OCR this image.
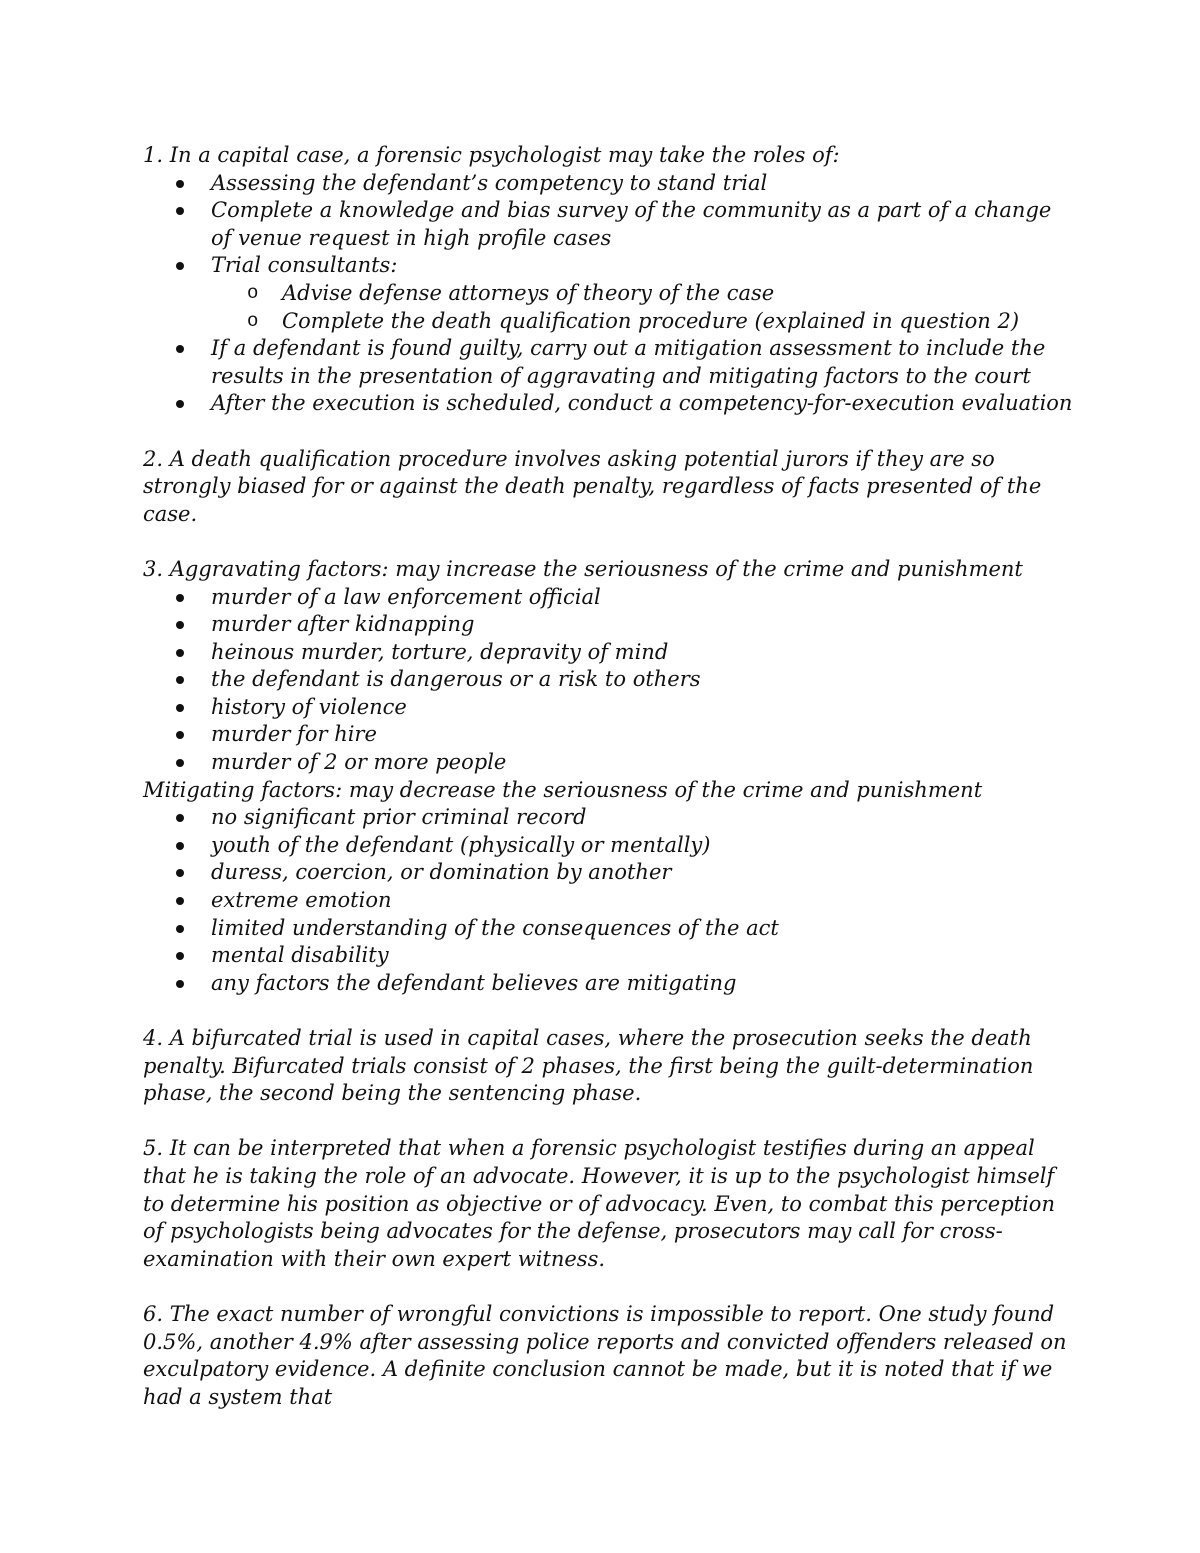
1. In a capital case, a forensic psychologist may take the roles of:

Assessing the defendant’s competency to stand trial
Complete a knowledge and bias survey of the community as a part of a change of venue request in high profile cases
Trial consultants:
o Advise defense attorneys of theory of the case
o Complete the death qualification procedure (explained in question 2)
If a defendant is found guilty, carry out a mitigation assessment to include the results in the presentation of aggravating and mitigating factors to the court
After the execution is scheduled, conduct a competency-for-execution evaluation

2. A death qualification procedure involves asking potential jurors if they are so strongly biased for or against the death penalty, regardless of facts presented of the case.

3. Aggravating factors: may increase the seriousness of the crime and punishment

murder of a law enforcement official
murder after kidnapping
heinous murder, torture, depravity of mind
the defendant is dangerous or a risk to others
history of violence
murder for hire
murder of 2 or more people

Mitigating factors: may decrease the seriousness of the crime and punishment

no significant prior criminal record
youth of the defendant (physically or mentally)
duress, coercion, or domination by another
extreme emotion
limited understanding of the consequences of the act
mental disability
any factors the defendant believes are mitigating

4. A bifurcated trial is used in capital cases, where the prosecution seeks the death penalty. Bifurcated trials consist of 2 phases, the first being the guilt-determination phase, the second being the sentencing phase.

5. It can be interpreted that when a forensic psychologist testifies during an appeal that he is taking the role of an advocate. However, it is up to the psychologist himself to determine his position as objective or of advocacy. Even, to combat this perception of psychologists being advocates for the defense, prosecutors may call for cross-examination with their own expert witness.

6. The exact number of wrongful convictions is impossible to report. One study found 0.5%, another 4.9% after assessing police reports and convicted offenders released on exculpatory evidence. A definite conclusion cannot be made, but it is noted that if we had a system that
